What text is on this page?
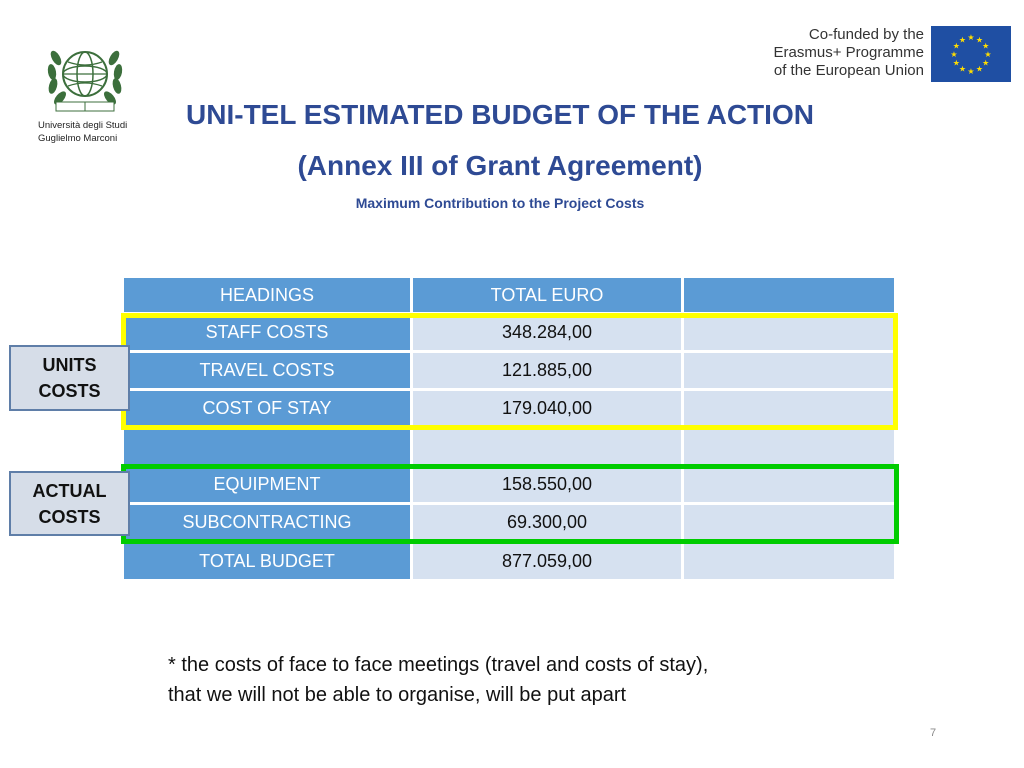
Università degli Studi
Guglielmo Marconi
Co-funded by the
Erasmus+ Programme
of the European Union
★ ★
★
★
★
★
★
★
★
★
★
★
UNI-TEL ESTIMATED BUDGET OF THE ACTION
(Annex III of Grant Agreement)
Maximum Contribution to the Project Costs
HEADINGS	TOTAL EURO
STAFF COSTS	348.284,00
TRAVEL COSTS	121.885,00
COST OF STAY	179.040,00
EQUIPMENT	158.550,00
SUBCONTRACTING	69.300,00
TOTAL BUDGET	877.059,00
UNITS
COSTS
ACTUAL
COSTS
* the costs of face to face meetings (travel and costs of stay),
that we will not be able to organise, will be put apart
7
